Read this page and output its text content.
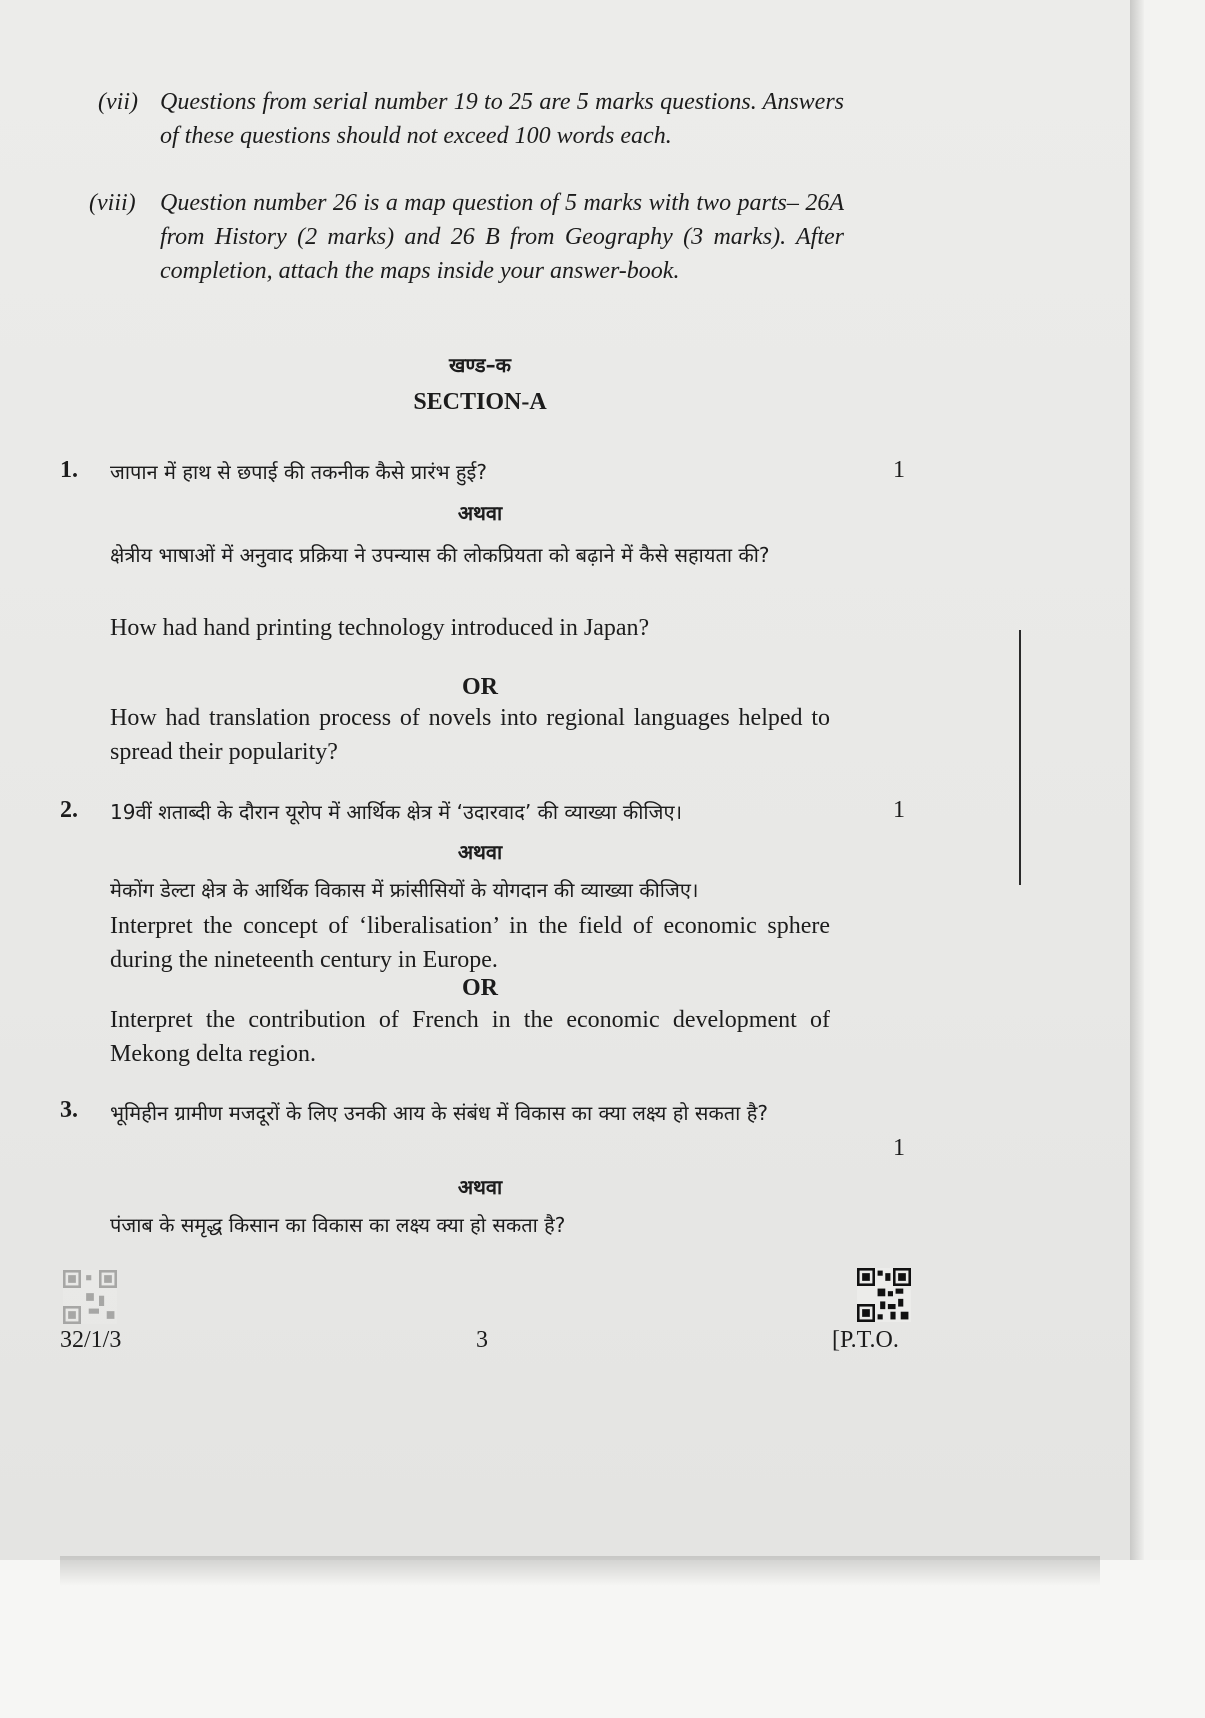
(vii) Questions from serial number 19 to 25 are 5 marks questions. Answers of these questions should not exceed 100 words each.
(viii)	Question number 26 is a map question of 5 marks with two parts– 26A from History (2 marks) and 26 B from Geography (3 marks). After completion, attach the maps inside your answer-book.
खण्ड–क
SECTION-A
1.	1
जापान में हाथ से छपाई की तकनीक कैसे प्रारंभ हुई?
अथवा
क्षेत्रीय भाषाओं में अनुवाद प्रक्रिया ने उपन्यास की लोकप्रियता को बढ़ाने में कैसे सहायता की?
How had hand printing technology introduced in Japan?
OR
How had translation process of novels into regional languages helped to spread their popularity?
2.	1
19वीं शताब्दी के दौरान यूरोप में आर्थिक क्षेत्र में ‘उदारवाद’ की व्याख्या कीजिए।
अथवा
मेकोंग डेल्टा क्षेत्र के आर्थिक विकास में फ्रांसीसियों के योगदान की व्याख्या कीजिए।
Interpret the concept of ‘liberalisation’ in the field of economic sphere during the nineteenth century in Europe.
OR
Interpret the contribution of French in the economic development of Mekong delta region.
3.
1
भूमिहीन ग्रामीण मजदूरों के लिए उनकी आय के संबंध में विकास का क्या लक्ष्य हो सकता है?
अथवा
पंजाब के समृद्ध किसान का विकास का लक्ष्य क्या हो सकता है?
32/1/3	3	[P.T.O.
